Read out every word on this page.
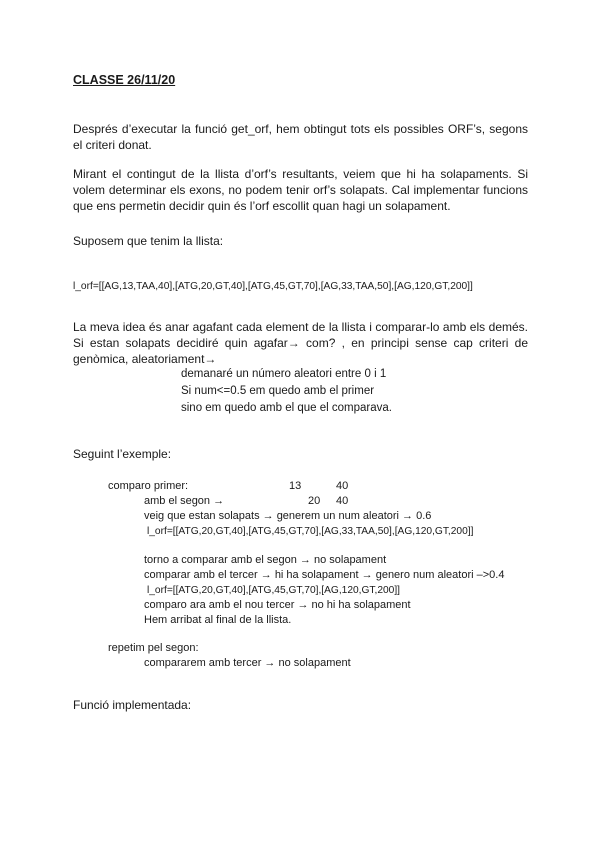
CLASSE 26/11/20

Després d’executar la funció get_orf, hem obtingut tots els possibles ORF’s, segons el criteri donat.

Mirant el contingut de la llista d’orf’s resultants, veiem que hi ha solapaments. Si volem determinar els exons, no podem tenir orf’s solapats. Cal implementar funcions que ens permetin decidir quin és l’orf escollit quan hagi un solapament.

Suposem que tenim la llista:

l_orf=[[AG,13,TAA,40],[ATG,20,GT,40],[ATG,45,GT,70],[AG,33,TAA,50],[AG,120,GT,200]]

La meva idea és anar agafant cada element de la llista i comparar-lo amb els demés. Si estan solapats decidiré quin agafar→ com? , en principi sense cap criteri de genòmica, aleatoriament→

demanaré un número aleatori entre 0 i 1
Si num<=0.5 em quedo amb el primer
sino em quedo amb el que el comparava.
Seguint l’exemple:
comparo primer:	13	40
amb el segon →	20 40
veig que estan solapats → generem un num aleatori → 0.6
l_orf=[[ATG,20,GT,40],[ATG,45,GT,70],[AG,33,TAA,50],[AG,120,GT,200]]
torno a comparar amb el segon → no solapament
comparar amb el tercer → hi ha solapament → genero num aleatori –>0.4
l_orf=[[ATG,20,GT,40],[ATG,45,GT,70],[AG,120,GT,200]]
comparo ara amb el nou tercer → no hi ha solapament
Hem arribat al final de la llista.
repetim pel segon:
compararem amb tercer → no solapament
Funció implementada:
